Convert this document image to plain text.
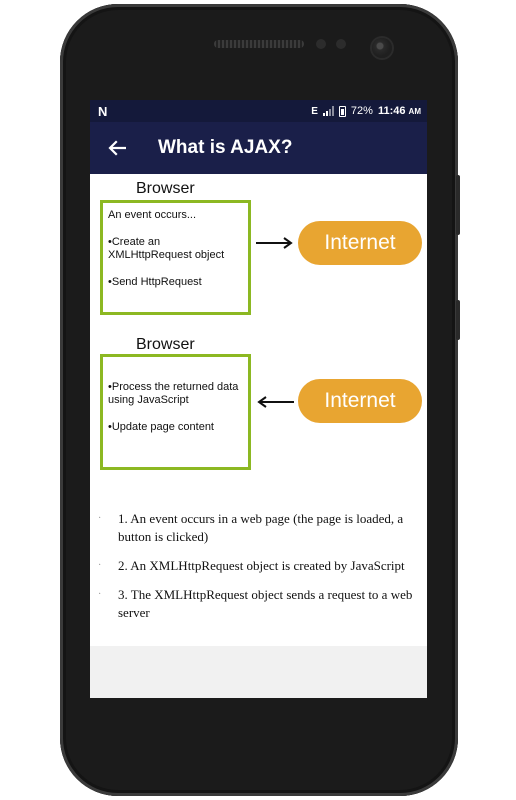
N	E	72% 11:46 AM
What is AJAX?
Browser

An event occurs...

•Create an XMLHttpRequest object

•Send HttpRequest

Internet
Browser

•Process the returned data using JavaScript

•Update page content

Internet
·	1. An event occurs in a web page (the page is loaded, a button is clicked)
·	2. An XMLHttpRequest object is created by JavaScript
·	3. The XMLHttpRequest object sends a request to a web server
